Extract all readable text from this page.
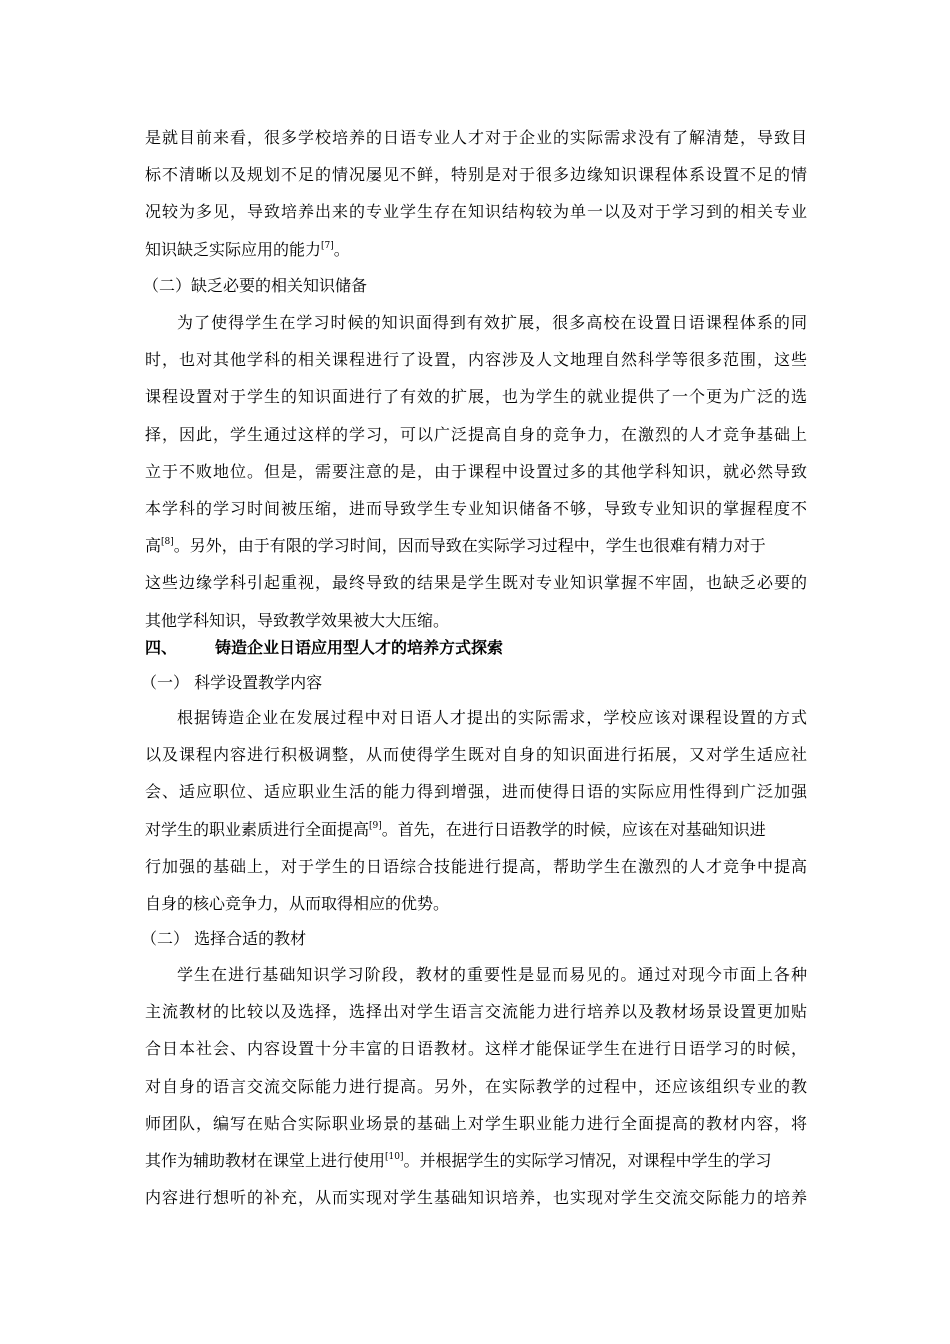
是就目前来看，很多学校培养的日语专业人才对于企业的实际需求没有了解清楚，导致目
标不清晰以及规划不足的情况屡见不鲜，特别是对于很多边缘知识课程体系设置不足的情
况较为多见，导致培养出来的专业学生存在知识结构较为单一以及对于学习到的相关专业
知识缺乏实际应用的能力[7]。
（二）缺乏必要的相关知识储备
为了使得学生在学习时候的知识面得到有效扩展，很多高校在设置日语课程体系的同
时，也对其他学科的相关课程进行了设置，内容涉及人文地理自然科学等很多范围，这些
课程设置对于学生的知识面进行了有效的扩展，也为学生的就业提供了一个更为广泛的选
择，因此，学生通过这样的学习，可以广泛提高自身的竞争力，在激烈的人才竞争基础上
立于不败地位。但是，需要注意的是，由于课程中设置过多的其他学科知识，就必然导致
本学科的学习时间被压缩，进而导致学生专业知识储备不够，导致专业知识的掌握程度不
高[8]。另外，由于有限的学习时间，因而导致在实际学习过程中，学生也很难有精力对于
这些边缘学科引起重视，最终导致的结果是学生既对专业知识掌握不牢固，也缺乏必要的
其他学科知识，导致教学效果被大大压缩。
四、 铸造企业日语应用型人才的培养方式探索
（一） 科学设置教学内容
根据铸造企业在发展过程中对日语人才提出的实际需求，学校应该对课程设置的方式
以及课程内容进行积极调整，从而使得学生既对自身的知识面进行拓展，又对学生适应社
会、适应职位、适应职业生活的能力得到增强，进而使得日语的实际应用性得到广泛加强
对学生的职业素质进行全面提高[9]。首先，在进行日语教学的时候，应该在对基础知识进
行加强的基础上，对于学生的日语综合技能进行提高，帮助学生在激烈的人才竞争中提高
自身的核心竞争力，从而取得相应的优势。
（二） 选择合适的教材
学生在进行基础知识学习阶段，教材的重要性是显而易见的。通过对现今市面上各种
主流教材的比较以及选择，选择出对学生语言交流能力进行培养以及教材场景设置更加贴
合日本社会、内容设置十分丰富的日语教材。这样才能保证学生在进行日语学习的时候，
对自身的语言交流交际能力进行提高。另外，在实际教学的过程中，还应该组织专业的教
师团队，编写在贴合实际职业场景的基础上对学生职业能力进行全面提高的教材内容，将
其作为辅助教材在课堂上进行使用[10]。并根据学生的实际学习情况，对课程中学生的学习
内容进行想听的补充，从而实现对学生基础知识培养，也实现对学生交流交际能力的培养
